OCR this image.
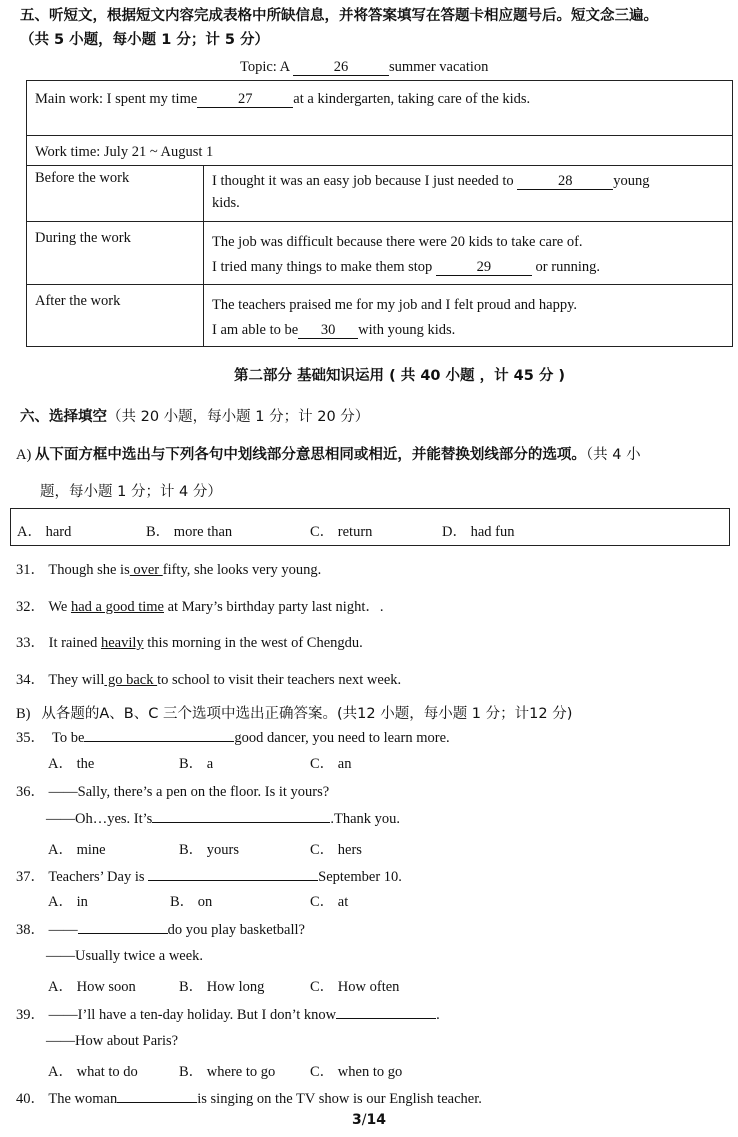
五、听短文，根据短文内容完成表格中所缺信息，并将答案填写在答题卡相应题号后。短文念三遍。
（共 5 小题，每小题 1 分；计 5 分）
Topic: A	26	summer vacation
Main work: I spent my time 27 at a kindergarten, taking care of the kids.	
Work time: July 21 ~ August 1	
Before the work	I thought it was an easy job because I just needed to 28 young
kids.

During the work	The job was difficult because there were 20 kids to take care of.
I tried many things to make them stop 29 or running.

After the work	The teachers praised me for my job and I felt proud and happy.
I am able to be 30 with young kids.
第二部分 基础知识运用 ( 共 40 小题 ，计 45 分 )
六、选择填空（共 20 小题，每小题 1 分；计 20 分）
A) 从下面方框中选出与下列各句中划线部分意思相同或相近，并能替换划线部分的选项。（共 4 小
题，每小题 1 分；计 4 分）
A． hard	B． more than	C． return	D． had fun
31． Though she is over fifty, she looks very young.
32． We had a good time at Mary’s birthday party last night．.
33． It rained heavily this morning in the west of Chengdu.
34． They will go back to school to visit their teachers next week.
B) 从各题的A、B、C 三个选项中选出正确答案。(共12 小题，每小题 1 分；计12 分)
35． To be	good dancer, you need to learn more.
A． the	B． a	C． an
36． ——Sally, there’s a pen on the floor. Is it yours?
——Oh…yes. It’s	.Thank you.
A． mine	B． yours	C． hers
37． Teachers’ Day is	September 10.
A． in	B． on	C． at
38． ——	do you play basketball?
——Usually twice a week.
A． How soon	B． How long	C． How often
39． ——I’ll have a ten-day holiday. But I don’t know	.
——How about Paris?
A． what to do	B． where to go C． when to go
40． The woman	is singing on the TV show is our English teacher.
3/14
